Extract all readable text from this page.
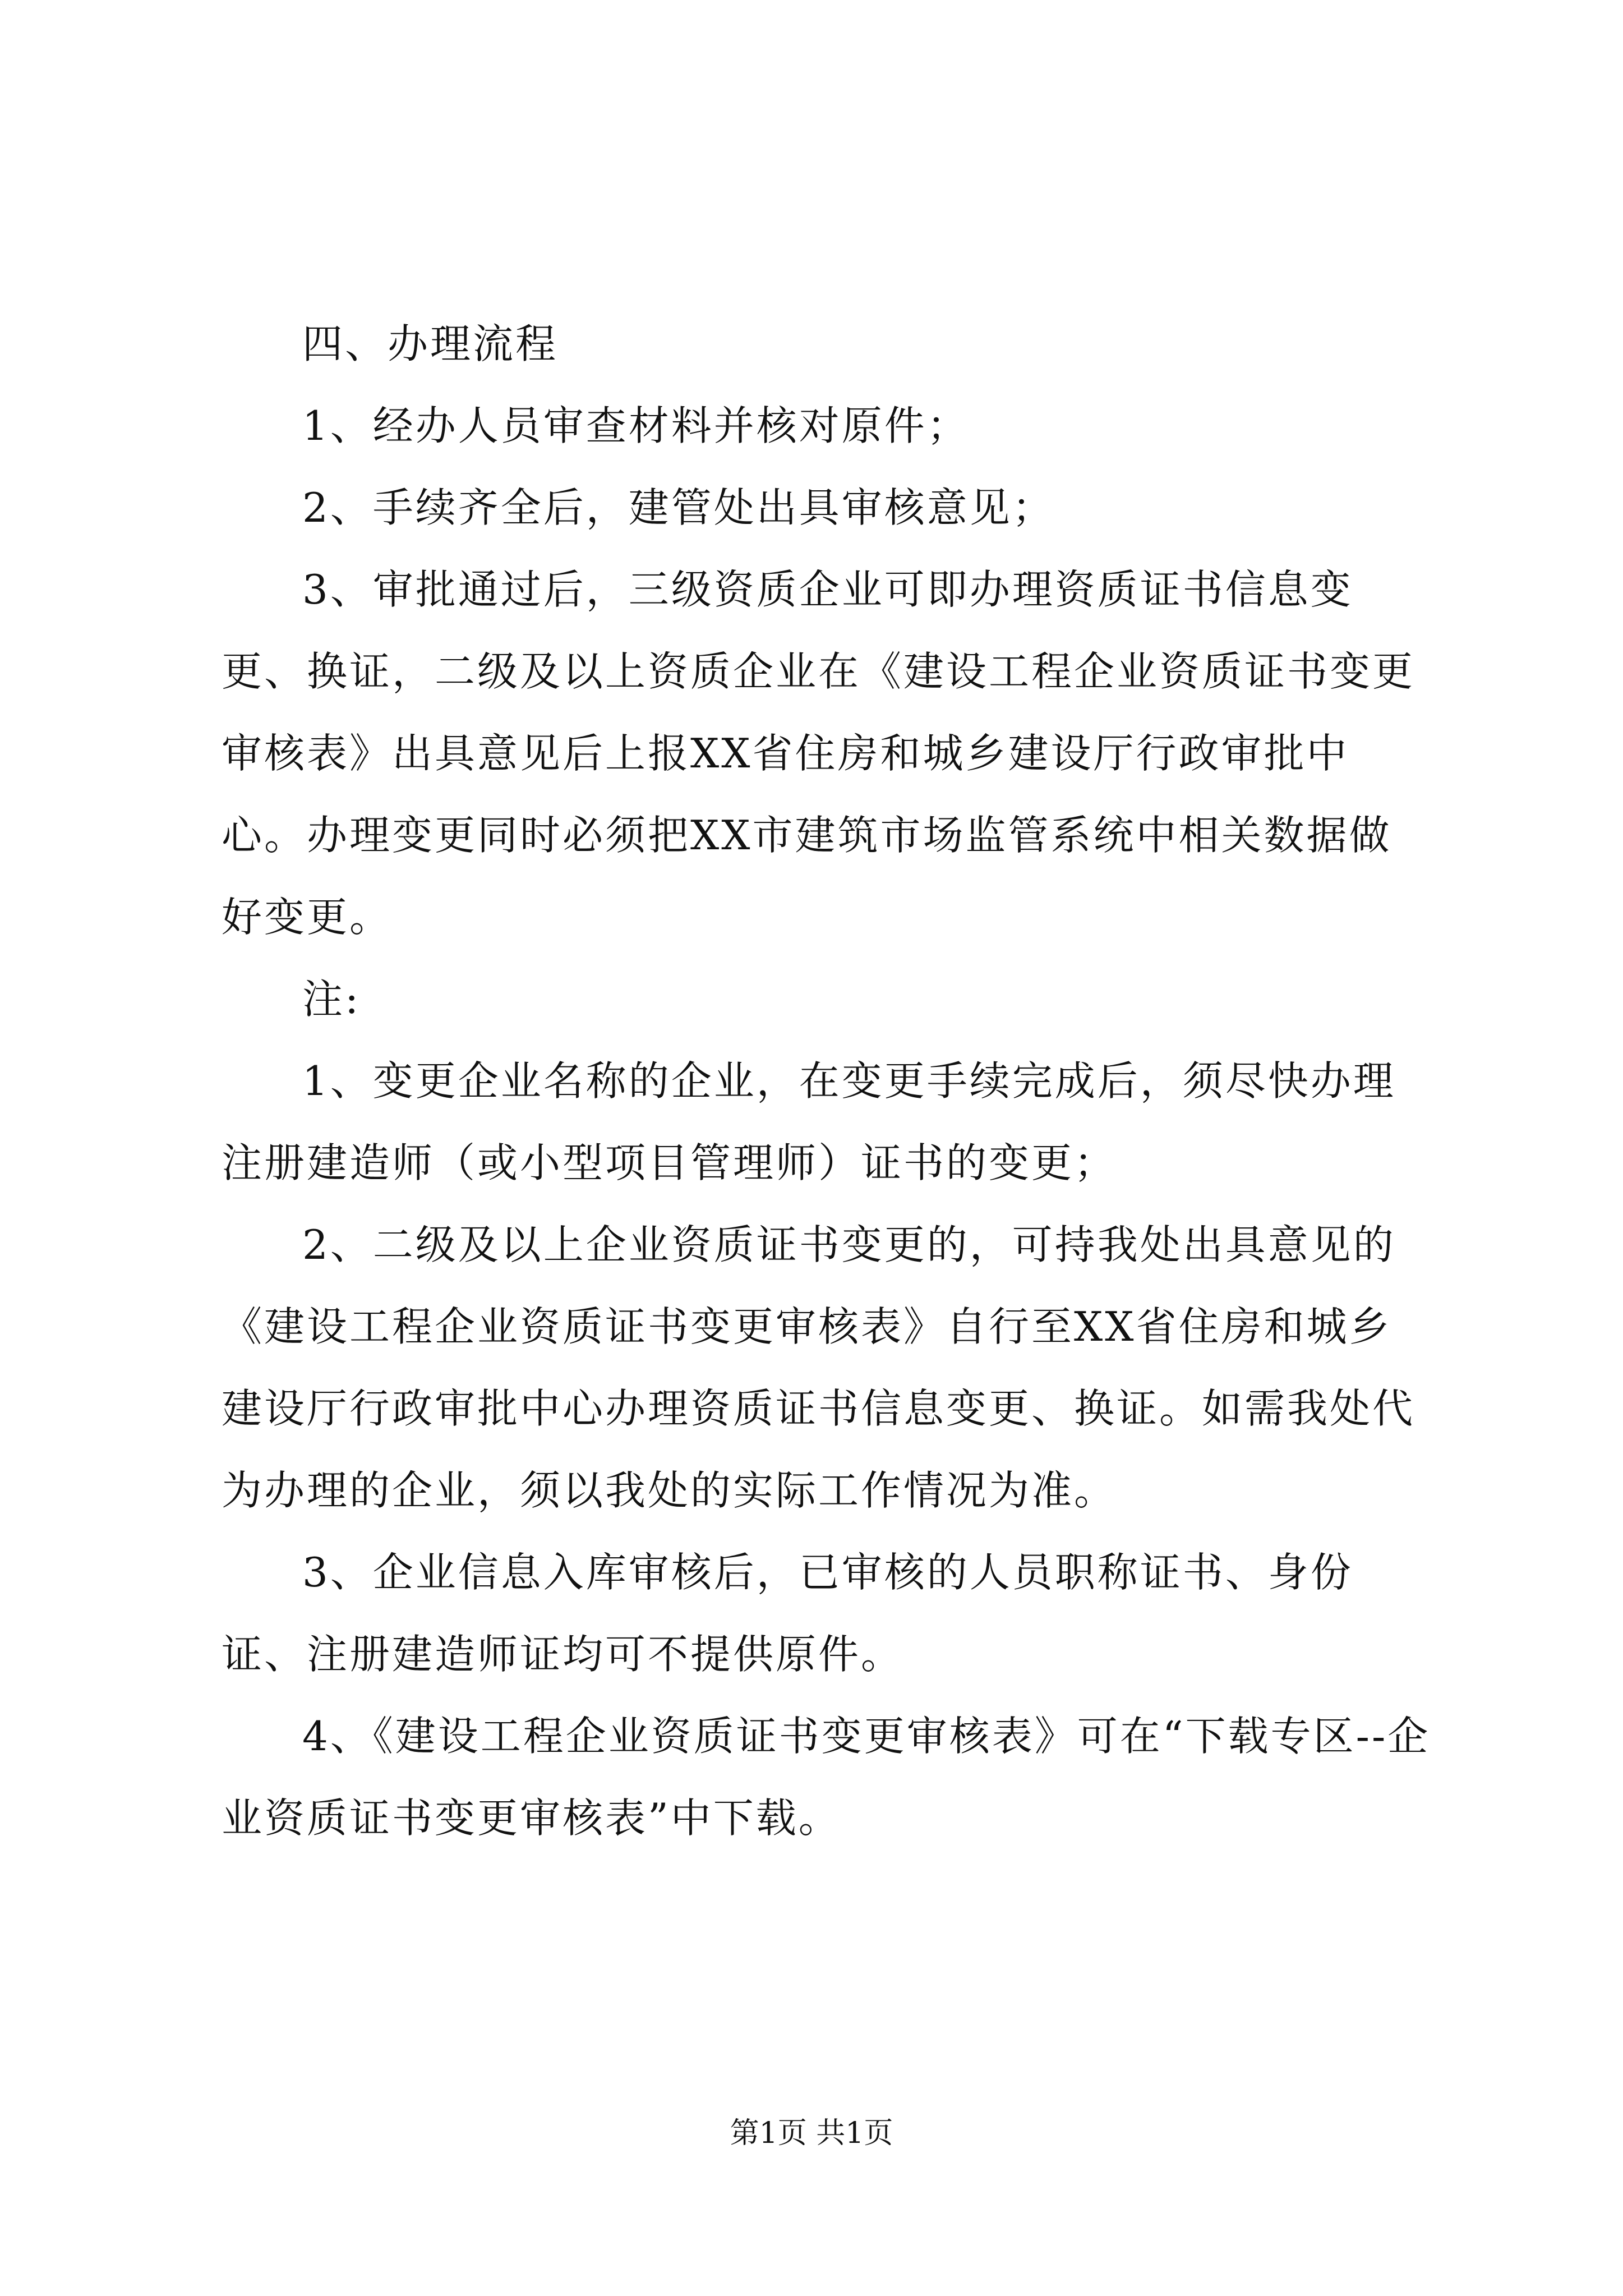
四、办理流程

1、经办人员审查材料并核对原件；

2、手续齐全后，建管处出具审核意见；

3、审批通过后，三级资质企业可即办理资质证书信息变更、换证，二级及以上资质企业在《建设工程企业资质证书变更审核表》出具意见后上报XX省住房和城乡建设厅行政审批中心。办理变更同时必须把XX市建筑市场监管系统中相关数据做好变更。

注:

1、变更企业名称的企业，在变更手续完成后，须尽快办理注册建造师（或小型项目管理师）证书的变更；

2、二级及以上企业资质证书变更的，可持我处出具意见的《建设工程企业资质证书变更审核表》自行至XX省住房和城乡建设厅行政审批中心办理资质证书信息变更、换证。如需我处代为办理的企业，须以我处的实际工作情况为准。

3、企业信息入库审核后，已审核的人员职称证书、身份证、注册建造师证均可不提供原件。

4、《建设工程企业资质证书变更审核表》可在“下载专区--企业资质证书变更审核表”中下载。

第1页 共1页
